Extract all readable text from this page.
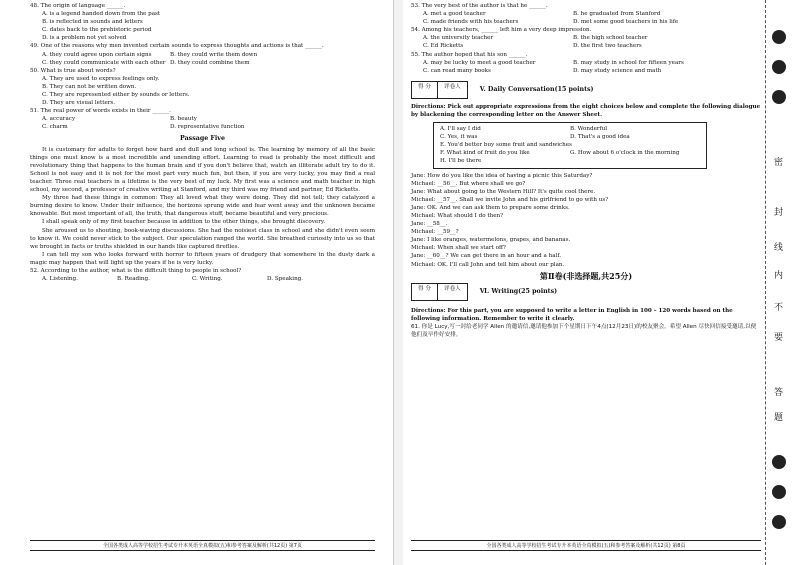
48. The origin of language ______.

A. is a legend handed down from the past

B. is reflected in sounds and letters

C. dates back to the prehistoric period

D. is a problem not yet solved

49. One of the reasons why men invented certain sounds to express thoughts and actions is that ______.

A. they could agree upon certain signs	B. they could write them down
C. they could communicate with each other D. they could combine them

50. What is true about words?

A. They are used to express feelings only.

B. They can not be written down.

C. They are represented either by sounds or letters.

D. They are visual letters.

51. The real power of words exists in their ______.

A. accuracy	B. beauty
C. charm	D. representative function

Passage Five

It is customary for adults to forget how hard and dull and long school is. The learning by memory of all the basic things one must know is a most incredible and unending effort. Learning to read is probably the most difficult and revolutionary thing that happens to the human brain and if you don't believe that, watch an illiterate adult try to do it. School is not easy and it is not for the most part very much fun, but then, if you are very lucky, you may find a real teacher. Three real teachers in a lifetime is the very best of my luck. My first was a science and math teacher in high school, my second, a professor of creative writing at Stanford, and my third was my friend and partner, Ed Ricketts.

My three had these things in common: They all loved what they were doing. They did not tell; they catalyzed a burning desire to know. Under their influence, the horizons sprung wide and fear went away and the unknown became knowable. But most important of all, the truth, that dangerous stuff, became beautiful and very precious.

I shall speak only of my first teacher because in addition to the other things, she brought discovery.

She aroused us to shouting, book-waving discussions. She had the noisiest class in school and she didn't even seem to know it. We could never stick to the subject. Our speculation ranged the world. She breathed curiosity into us so that we brought in facts or truths shielded in our hands like captured fireflies.

I can tell my son who looks forward with horror to fifteen years of drudgery that somewhere in the dusty dark a magic may happen that will light up the years if he is very lucky.

52. According to the author, what is the difficult thing to people in school?

A. Listening.	B. Reading.	C. Writing.	D. Speaking.
全国各类成人高等学校招生考试专升本英语全真模拟(五)和参考答案及解析(共12页) 第7页

53. The very best of the author is that he ______.

A. met a good teacher	B. he graduated from Stanford
C. made friends with his teachers	D. met some good teachers in his life

54. Among his teachers, ______ left him a very deep impression.

A. the university teacher	B. the high school teacher
C. Ed Ricketts	D. the first two teachers

55. The author hoped that his son ______.

A. may be lucky to meet a good teacher	B. may study in school for fifteen years
C. can read many books	D. may study science and math
得 分	评卷人	V. Daily Conversation(15 points)

Directions: Pick out appropriate expressions from the eight choices below and complete the following dialogue by blackening the corresponding letter on the Answer Sheet.

A. I'll say I did	B. Wonderful
C. Yes, it was	D. That's a good idea
E. You'd better buy some fruit and sandwiches
F. What kind of fruit do you like	G. How about 6 o'clock in the morning
H. I'll be there

Jane: How do you like the idea of having a picnic this Saturday?

Michael: __56__. But where shall we go?

Jane: What about going to the Western Hill? It's quite cool there.

Michael: __57__. Shall we invite John and his girlfriend to go with us?

Jane: OK. And we can ask them to prepare some drinks.

Michael: What should I do then?

Jane: __58__.

Michael: __59__?

Jane: I like oranges, watermelons, grapes, and bananas.

Michael: When shall we start off?

Jane: __60__? We can get there in an hour and a half.

Michael: OK. I'll call John and tell him about our plan.

第Ⅱ卷(非选择题,共25分)

得 分	评卷人	Ⅵ. Writing(25 points)

Directions: For this part, you are supposed to write a letter in English in 100 – 120 words based on the following information. Remember to write it clearly.

61. 你是 Lucy,写一封给老同学 Allen 的邀请信,邀请他参加下个星期日下午4点(12月23日)的校友聚会。希望 Allen 尽快回信接受邀请,以便他们及早作好安排。

全国各类成人高等学校招生考试专升本英语全真模拟(五)和参考答案及解析(共12页) 第8页
密
封
线
内
不
要
答
题
